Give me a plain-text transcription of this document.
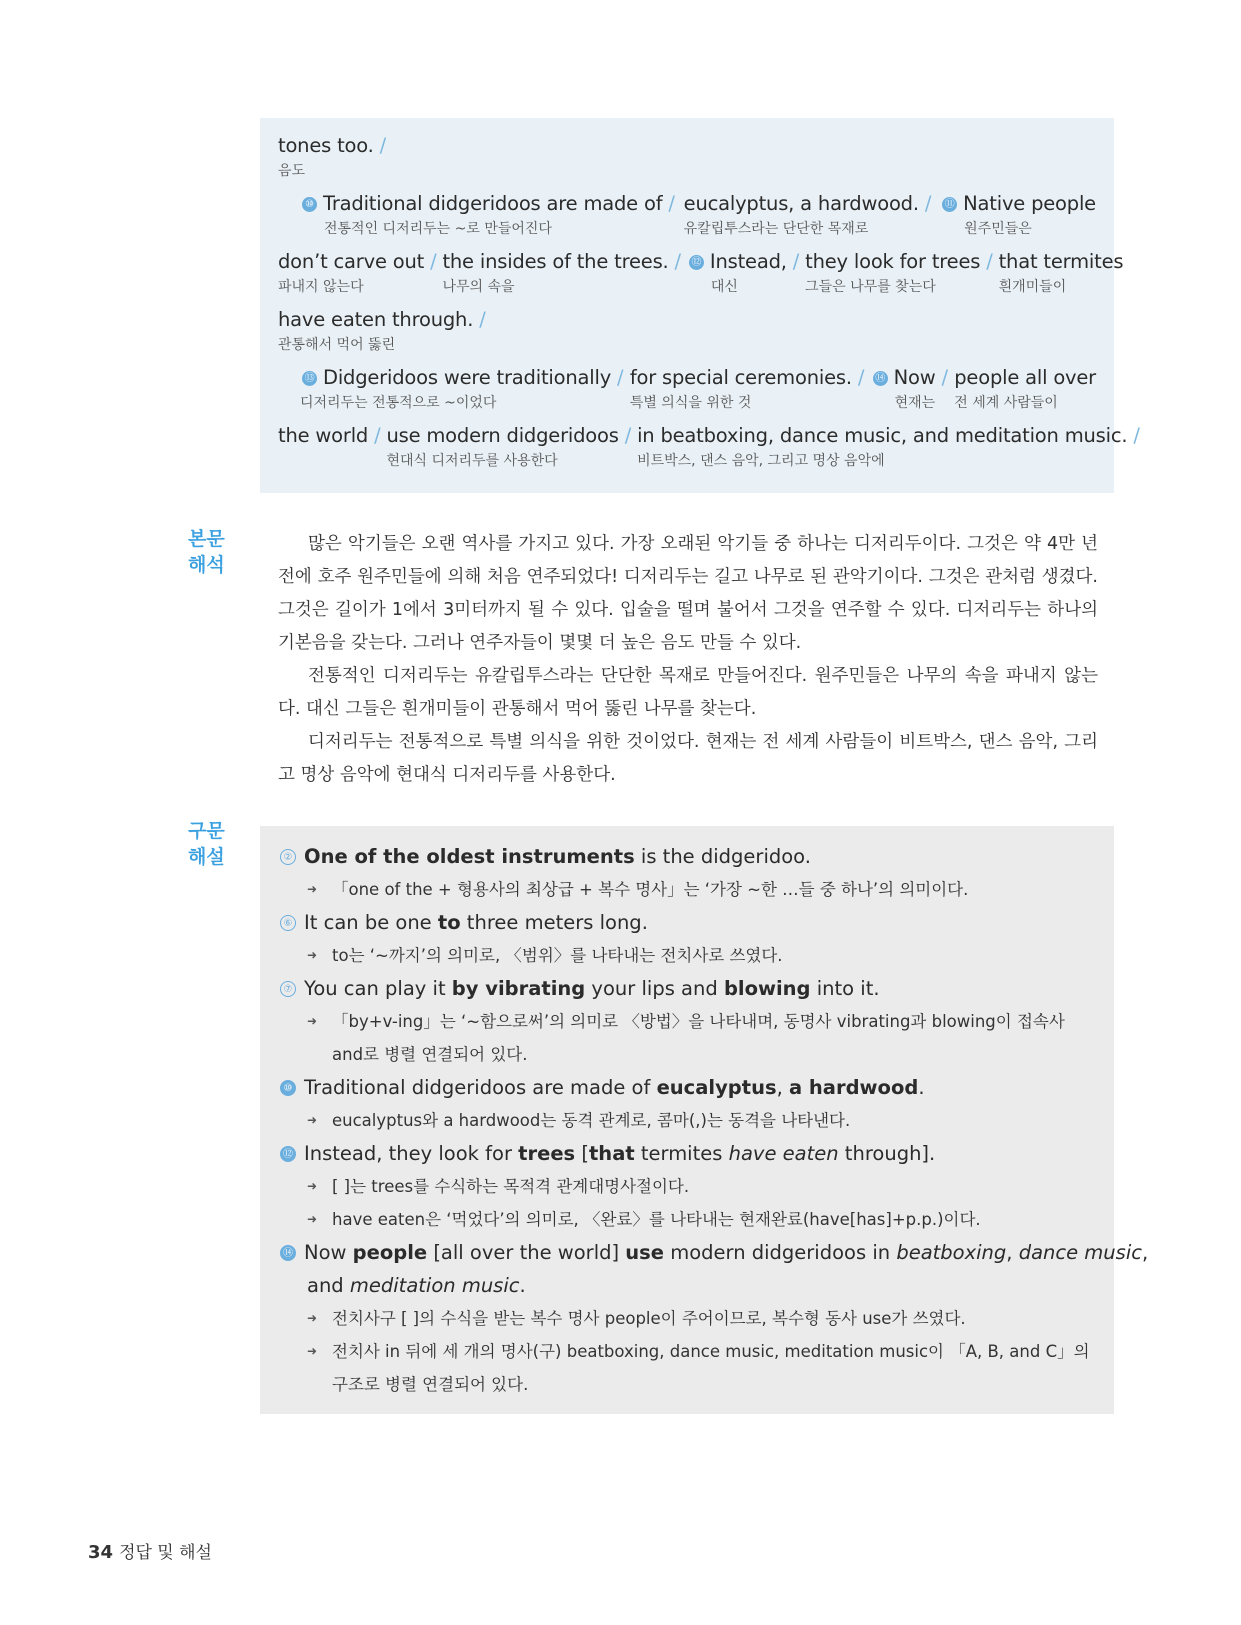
tones too. /
음도
⑩ Traditional didgeridoos are made of /
전통적인 디저리두는 ~로 만들어진다
eucalyptus, a hardwood. /
유칼립투스라는 단단한 목재로
⑪ Native people
원주민들은
don’t carve out /
파내지 않는다
the insides of the trees. /
나무의 속을
⑫ Instead, /
대신
they look for trees /
그들은 나무를 찾는다
that termites
흰개미들이
have eaten through. /
관통해서 먹어 뚫린
⑬ Didgeridoos were traditionally /
디저리두는 전통적으로 ~이었다
for special ceremonies. /
특별 의식을 위한 것
⑭ Now /
현재는
people all over
전 세계 사람들이
the world / use modern didgeridoos /
현대식 디저리두를 사용한다
in beatboxing, dance music, and meditation music. /
비트박스, 댄스 음악, 그리고 명상 음악에
본문
해석

많은 악기들은 오랜 역사를 가지고 있다. 가장 오래된 악기들 중 하나는 디저리두이다. 그것은 약 4만 년 전에 호주 원주민들에 의해 처음 연주되었다! 디저리두는 길고 나무로 된 관악기이다. 그것은 관처럼 생겼다. 그것은 길이가 1에서 3미터까지 될 수 있다. 입술을 떨며 불어서 그것을 연주할 수 있다. 디저리두는 하나의 기본음을 갖는다. 그러나 연주자들이 몇몇 더 높은 음도 만들 수 있다.

전통적인 디저리두는 유칼립투스라는 단단한 목재로 만들어진다. 원주민들은 나무의 속을 파내지 않는다. 대신 그들은 흰개미들이 관통해서 먹어 뚫린 나무를 찾는다.

디저리두는 전통적으로 특별 의식을 위한 것이었다. 현재는 전 세계 사람들이 비트박스, 댄스 음악, 그리고 명상 음악에 현대식 디저리두를 사용한다.

구문
해설	② One of the oldest instruments is the didgeridoo.
➜ 「one of the + 형용사의 최상급 + 복수 명사」는 ‘가장 ~한 …들 중 하나’의 의미이다.
⑥ It can be one to three meters long.
➜ to는 ‘~까지’의 의미로, 〈범위〉를 나타내는 전치사로 쓰였다.
⑦ You can play it by vibrating your lips and blowing into it.
➜ 「by+v-ing」는 ‘~함으로써’의 의미로 〈방법〉을 나타내며, 동명사 vibrating과 blowing이 접속사 and로 병렬 연결되어 있다.
⑩ Traditional didgeridoos are made of eucalyptus, a hardwood.
➜ eucalyptus와 a hardwood는 동격 관계로, 콤마(,)는 동격을 나타낸다.
⑫ Instead, they look for trees [that termites have eaten through].
➜ [ ]는 trees를 수식하는 목적격 관계대명사절이다.
➜ have eaten은 ‘먹었다’의 의미로, 〈완료〉를 나타내는 현재완료(have[has]+p.p.)이다.
⑭ Now people [all over the world] use modern didgeridoos in beatboxing, dance music,
and meditation music.
➜ 전치사구 [ ]의 수식을 받는 복수 명사 people이 주어이므로, 복수형 동사 use가 쓰였다.
➜ 전치사 in 뒤에 세 개의 명사(구) beatboxing, dance music, meditation music이 「A, B, and C」의 구조로 병렬 연결되어 있다.
34 정답 및 해설
